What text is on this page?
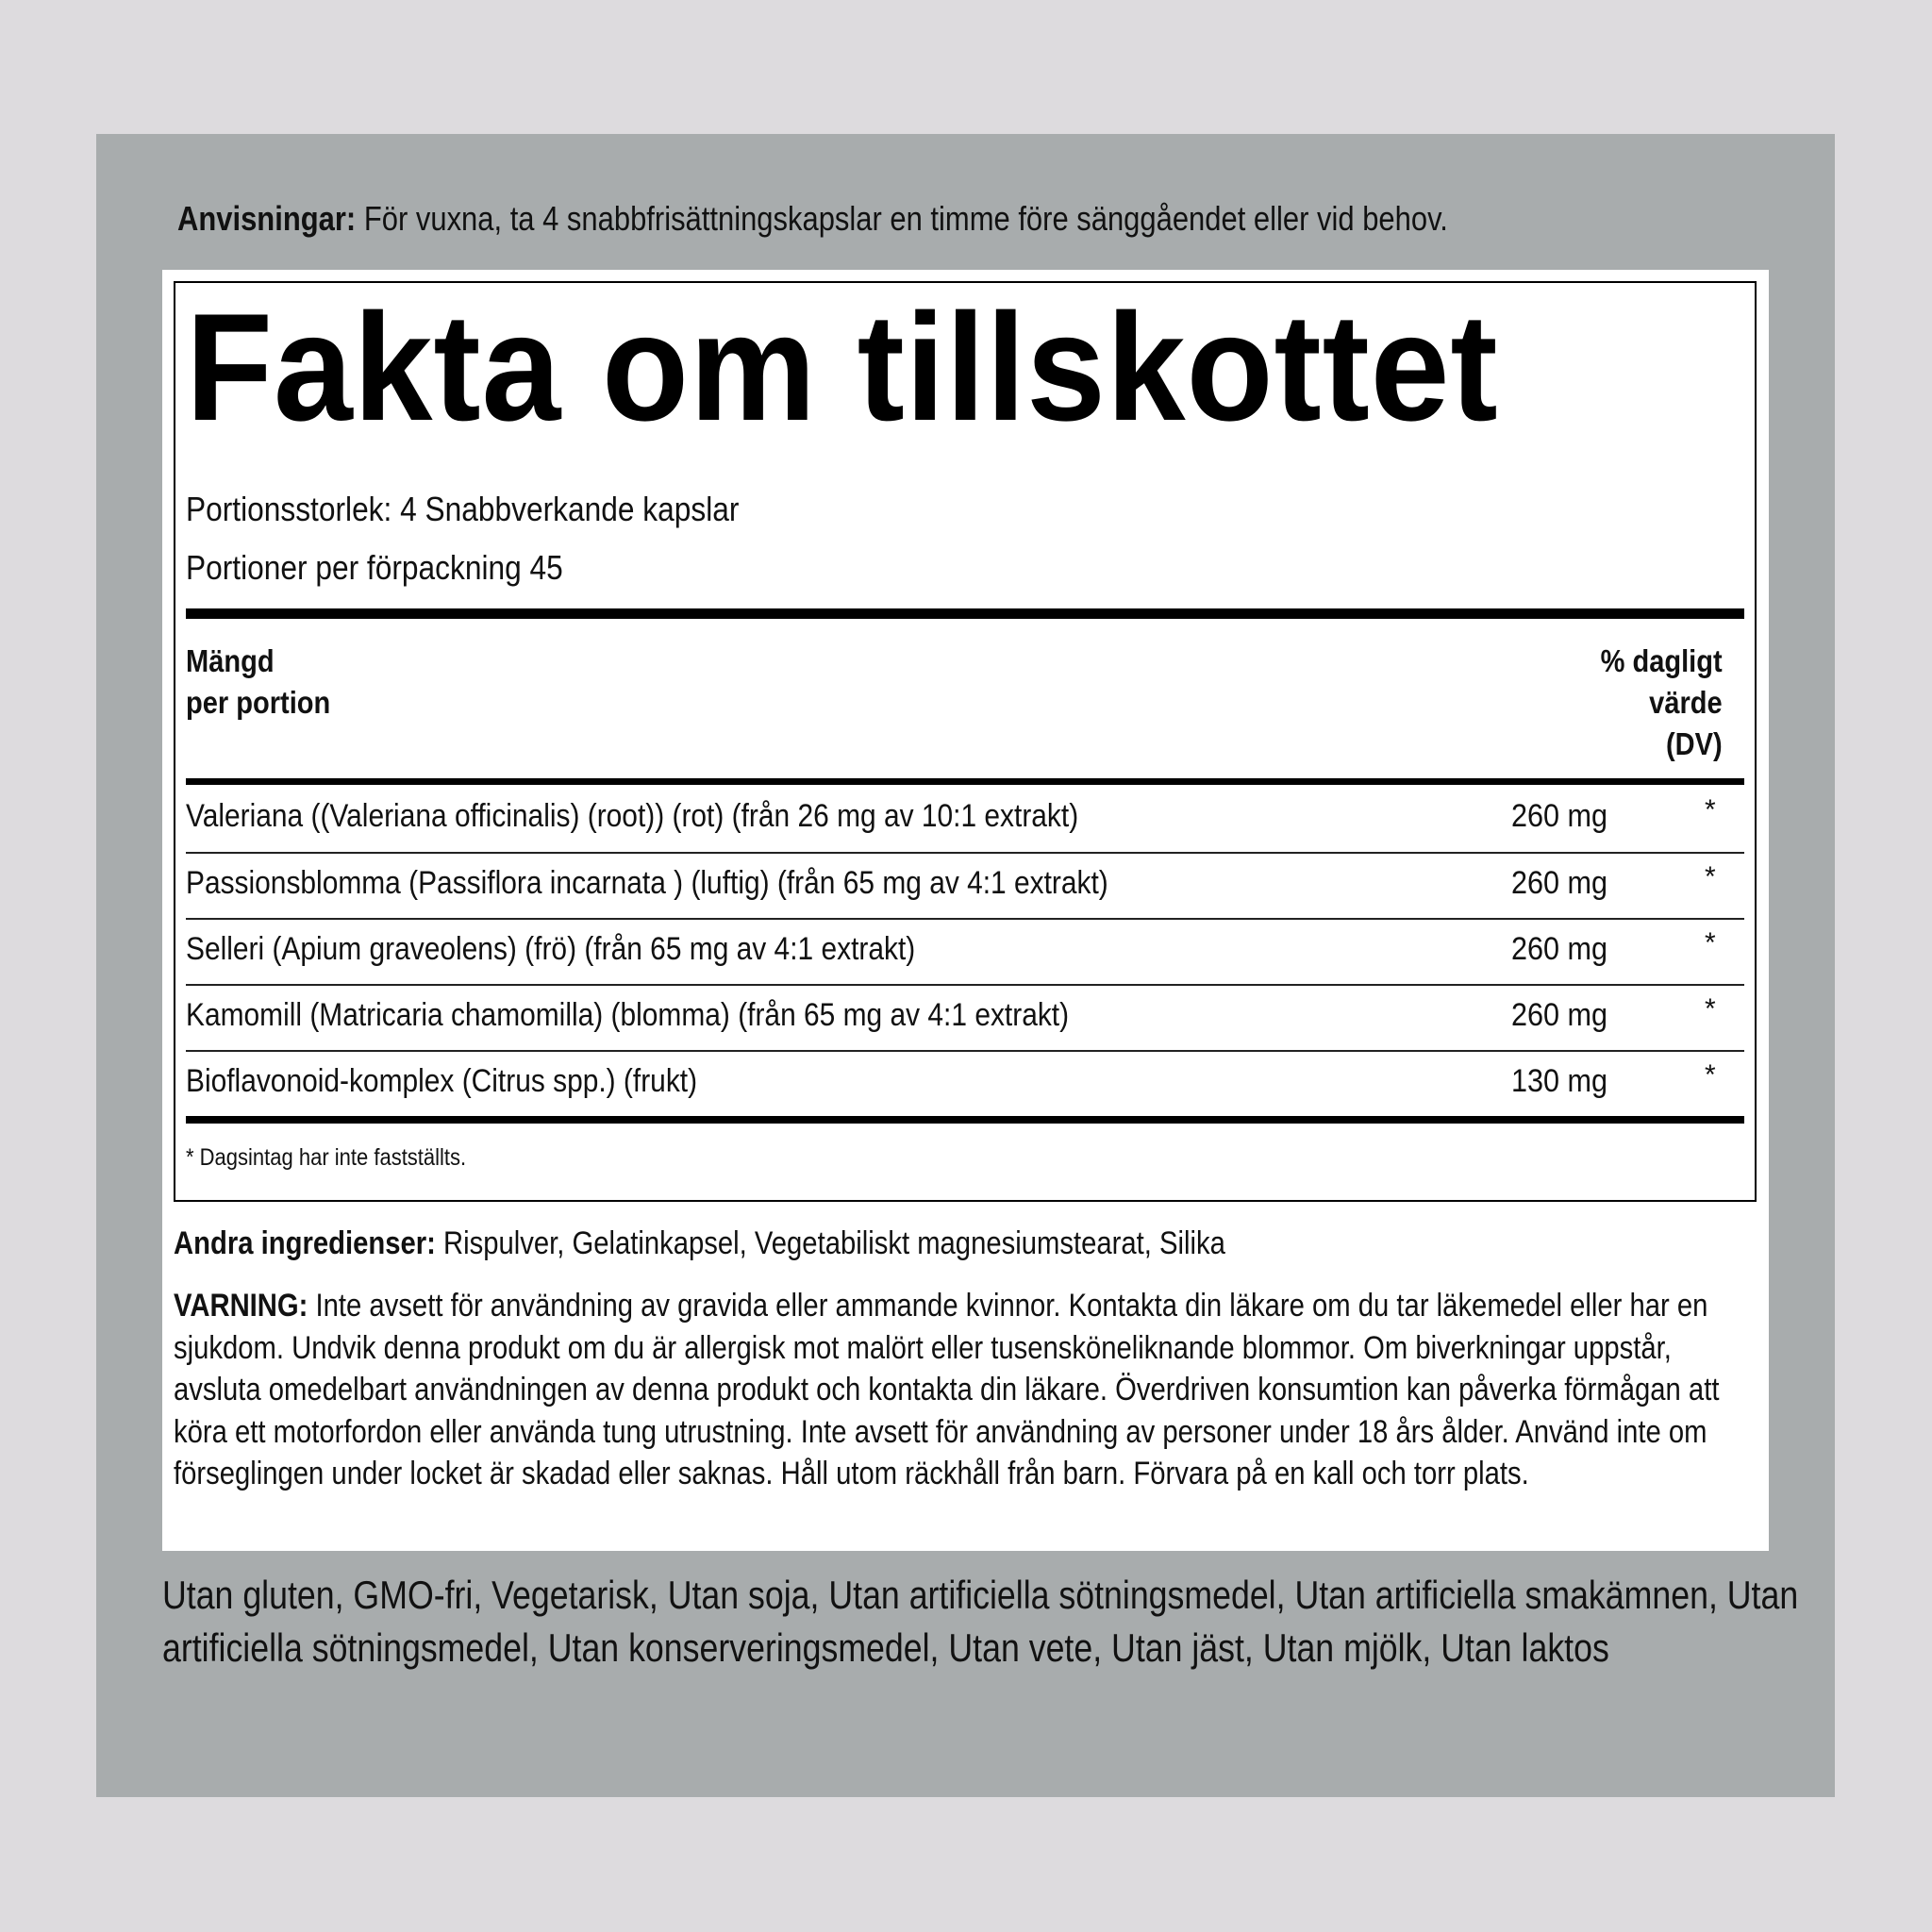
Anvisningar: För vuxna, ta 4 snabbfrisättningskapslar en timme före sänggåendet eller vid behov.
Fakta om tillskottet
Portionsstorlek: 4 Snabbverkande kapslar
Portioner per förpackning 45
Mängd
per portion
% dagligt
värde
(DV)
Valeriana ((Valeriana officinalis) (root)) (rot) (från 26 mg av 10:1 extrakt)	260 mg	*
Passionsblomma (Passiflora incarnata ) (luftig) (från 65 mg av 4:1 extrakt)	260 mg	*
Selleri (Apium graveolens) (frö) (från 65 mg av 4:1 extrakt)	260 mg	*
Kamomill (Matricaria chamomilla) (blomma) (från 65 mg av 4:1 extrakt)	260 mg	*
Bioflavonoid-komplex (Citrus spp.) (frukt)	130 mg	*
* Dagsintag har inte fastställts.
Andra ingredienser: Rispulver, Gelatinkapsel, Vegetabiliskt magnesiumstearat, Silika
VARNING: Inte avsett för användning av gravida eller ammande kvinnor. Kontakta din läkare om du tar läkemedel eller har en sjukdom. Undvik denna produkt om du är allergisk mot malört eller tusensköneliknande blommor. Om biverkningar uppstår, avsluta omedelbart användningen av denna produkt och kontakta din läkare. Överdriven konsumtion kan påverka förmågan att köra ett motorfordon eller använda tung utrustning. Inte avsett för användning av personer under 18 års ålder. Använd inte om förseglingen under locket är skadad eller saknas. Håll utom räckhåll från barn. Förvara på en kall och torr plats.
Utan gluten, GMO-fri, Vegetarisk, Utan soja, Utan artificiella sötningsmedel, Utan artificiella smakämnen, Utan artificiella sötningsmedel, Utan konserveringsmedel, Utan vete, Utan jäst, Utan mjölk, Utan laktos
